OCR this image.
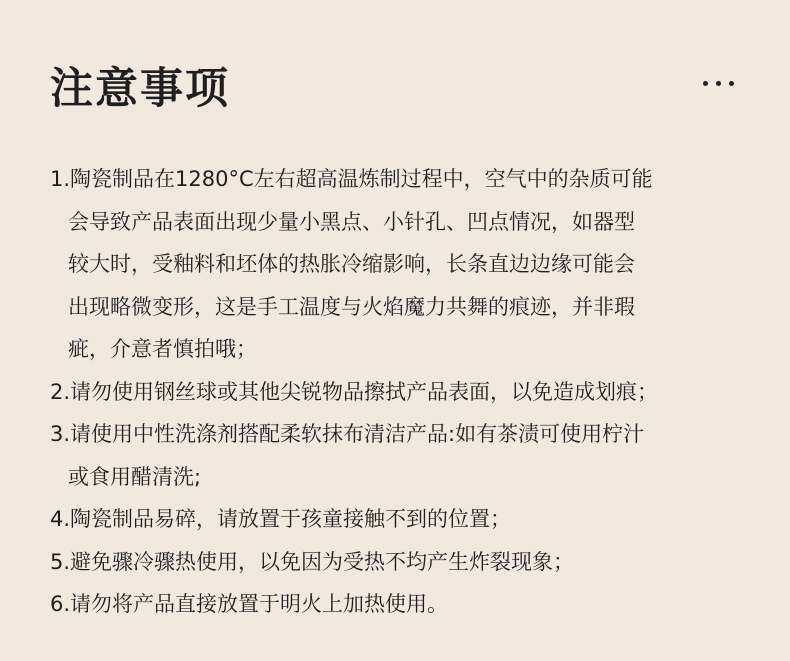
注意事项

1.陶瓷制品在1280°C左右超高温炼制过程中，空气中的杂质可能

会导致产品表面出现少量小黑点、小针孔、凹点情况，如器型

较大时，受釉料和坯体的热胀冷缩影响，长条直边边缘可能会

出现略微变形，这是手工温度与火焰魔力共舞的痕迹，并非瑕

疵，介意者慎拍哦；

2.请勿使用钢丝球或其他尖锐物品擦拭产品表面，以免造成划痕；

3.请使用中性洗涤剂搭配柔软抹布清洁产品:如有茶渍可使用柠汁

或食用醋清洗;

4.陶瓷制品易碎，请放置于孩童接触不到的位置；

5.避免骤冷骤热使用，以免因为受热不均产生炸裂现象；

6.请勿将产品直接放置于明火上加热使用。
